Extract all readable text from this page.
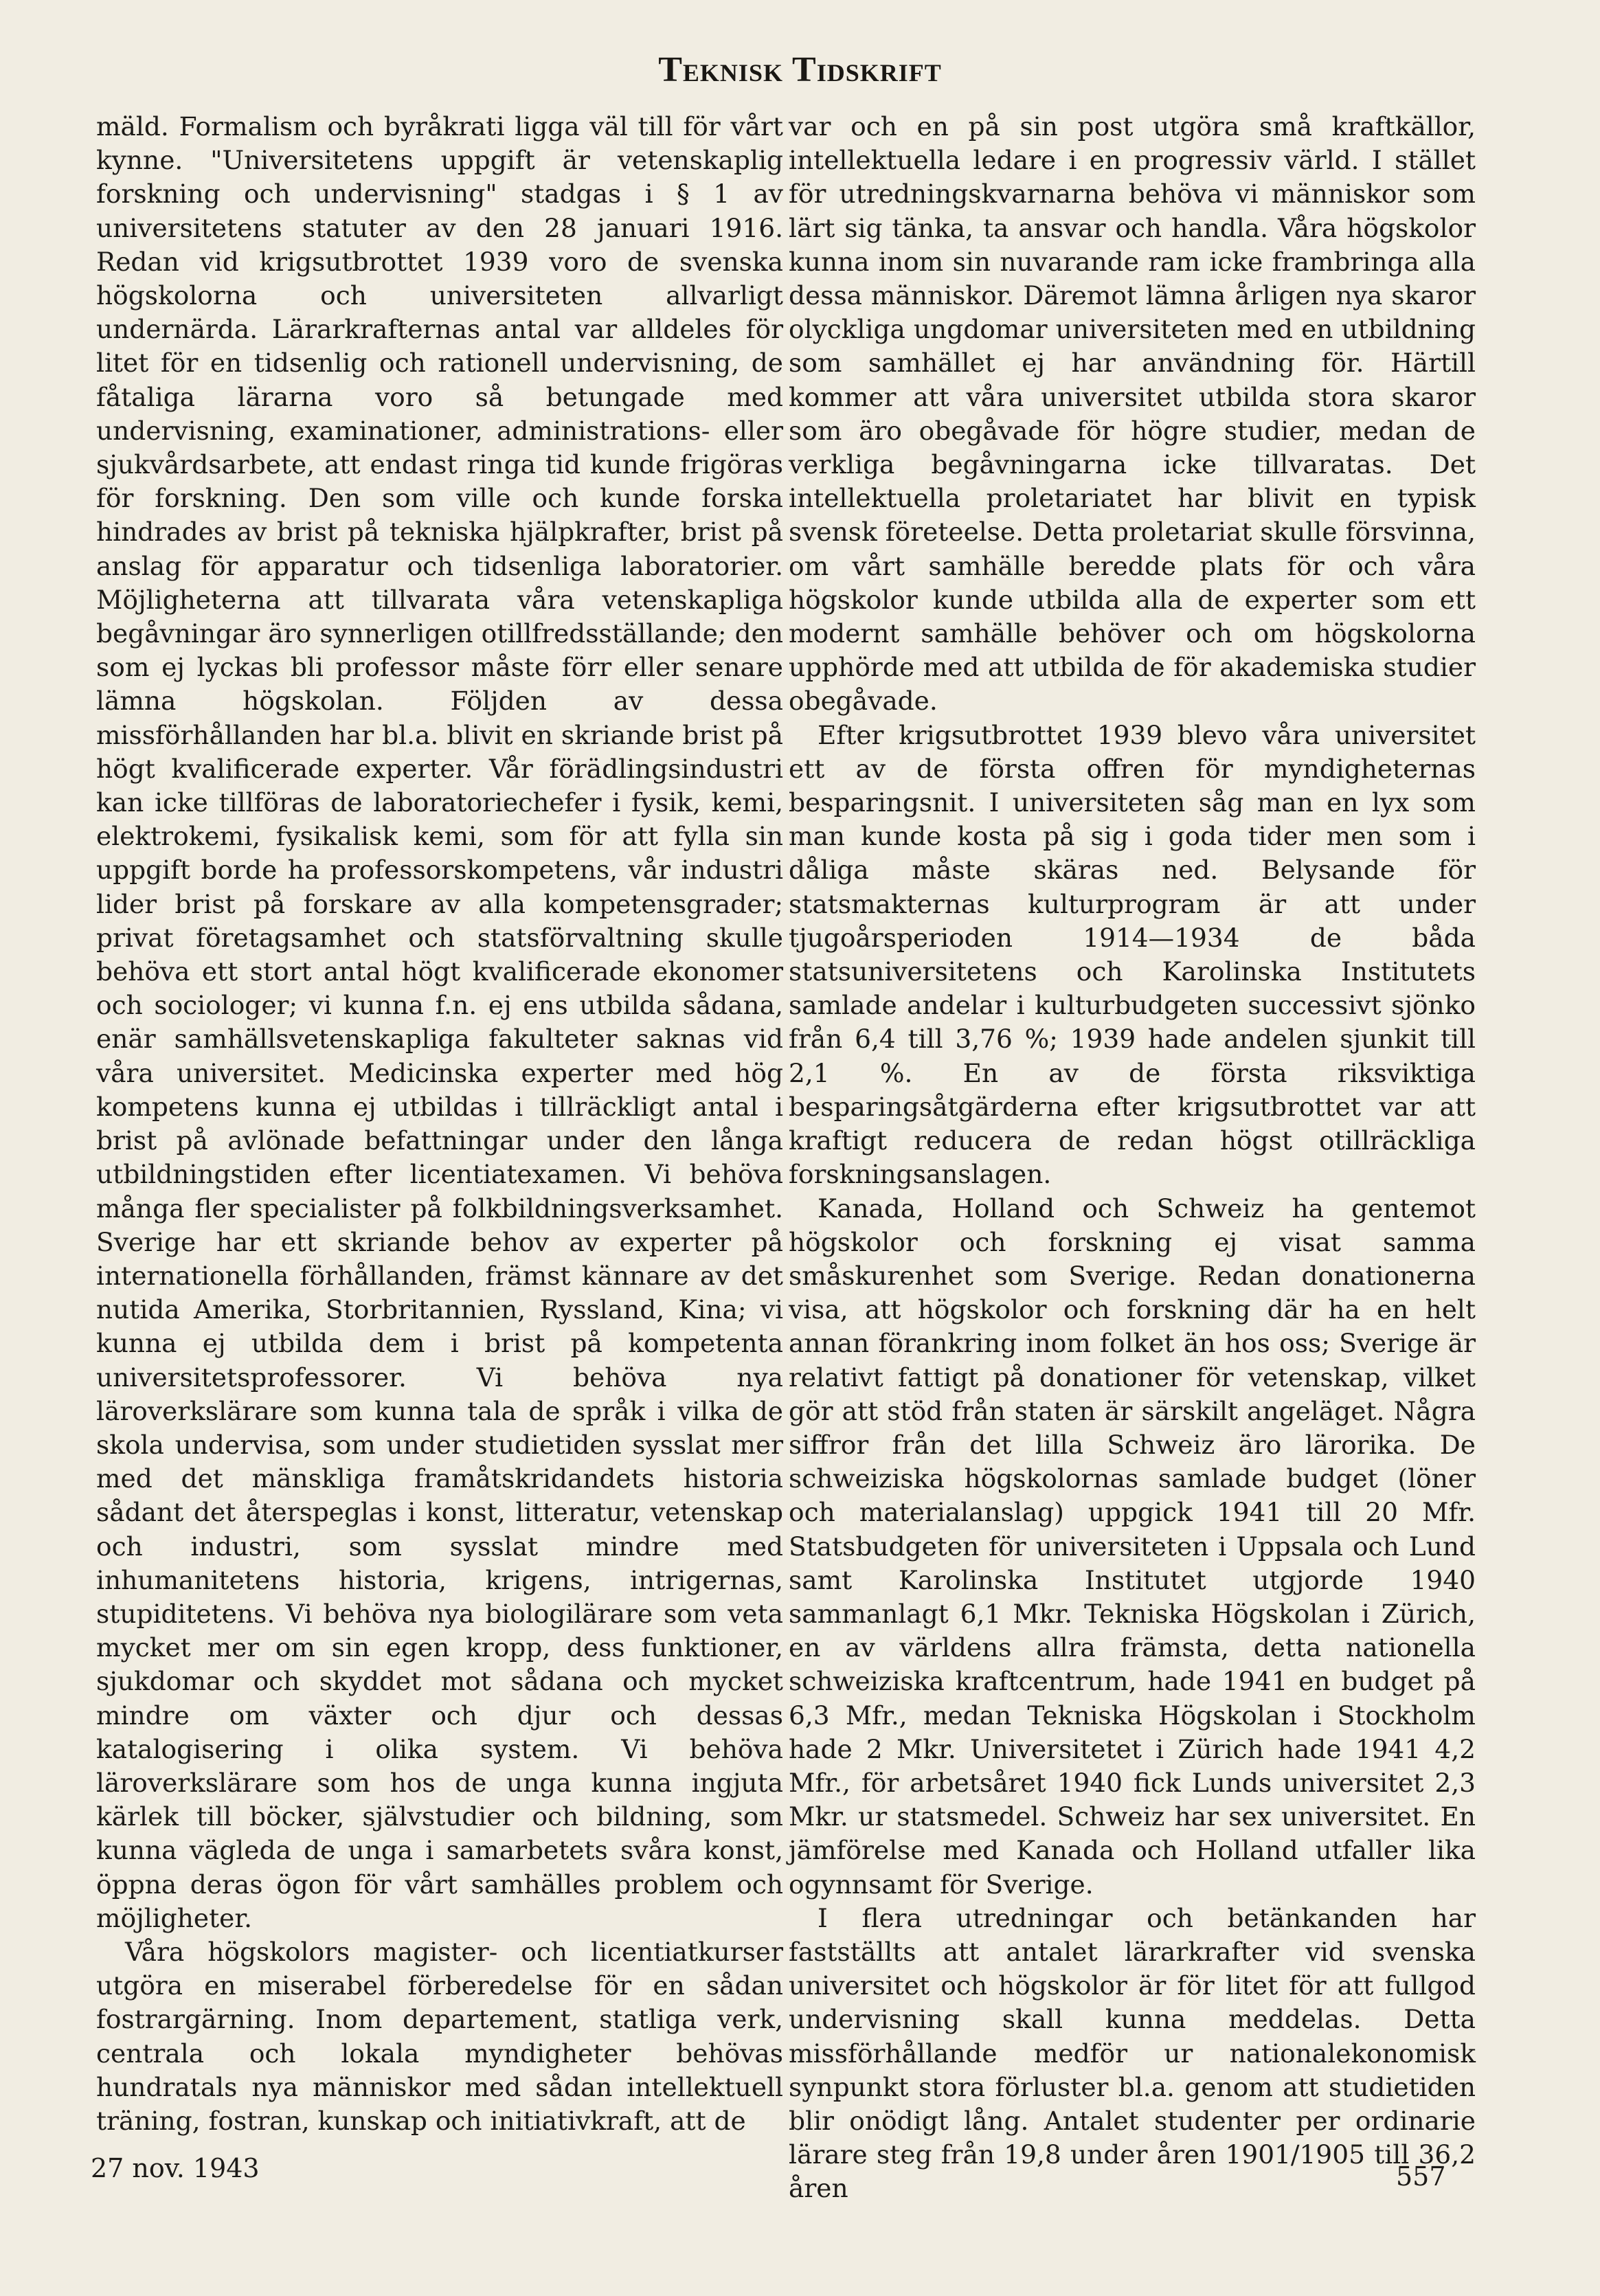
Teknisk Tidskrift

mäld. Formalism och byråkrati ligga väl till för vårt kynne. "Universitetens uppgift är vetenskaplig forskning och undervisning" stadgas i § 1 av universitetens statuter av den 28 januari 1916. Redan vid krigsutbrottet 1939 voro de svenska högskolorna och universiteten allvarligt undernärda. Lärarkrafternas antal var alldeles för litet för en tidsenlig och rationell undervisning, de fåtaliga lärarna voro så betungade med undervisning, examinationer, administrations- eller sjukvårdsarbete, att endast ringa tid kunde frigöras för forskning. Den som ville och kunde forska hindrades av brist på tekniska hjälpkrafter, brist på anslag för apparatur och tidsenliga laboratorier. Möjligheterna att tillvarata våra vetenskapliga begåvningar äro synnerligen otillfredsställande; den som ej lyckas bli professor måste förr eller senare lämna högskolan. Följden av dessa missförhållanden har bl.a. blivit en skriande brist på högt kvalificerade experter. Vår förädlingsindustri kan icke tillföras de laboratoriechefer i fysik, kemi, elektrokemi, fysikalisk kemi, som för att fylla sin uppgift borde ha professorskompetens, vår industri lider brist på forskare av alla kompetensgrader; privat företagsamhet och statsförvaltning skulle behöva ett stort antal högt kvalificerade ekonomer och sociologer; vi kunna f.n. ej ens utbilda sådana, enär samhällsvetenskapliga fakulteter saknas vid våra universitet. Medicinska experter med hög kompetens kunna ej utbildas i tillräckligt antal i brist på avlönade befattningar under den långa utbildningstiden efter licentiatexamen. Vi behöva många fler specialister på folkbildningsverksamhet. Sverige har ett skriande behov av experter på internationella förhållanden, främst kännare av det nutida Amerika, Storbritannien, Ryssland, Kina; vi kunna ej utbilda dem i brist på kompetenta universitetsprofessorer. Vi behöva nya läroverkslärare som kunna tala de språk i vilka de skola undervisa, som under studietiden sysslat mer med det mänskliga framåtskridandets historia sådant det återspeglas i konst, litteratur, vetenskap och industri, som sysslat mindre med inhumanitetens historia, krigens, intrigernas, stupiditetens. Vi behöva nya biologilärare som veta mycket mer om sin egen kropp, dess funktioner, sjukdomar och skyddet mot sådana och mycket mindre om växter och djur och dessas katalogisering i olika system. Vi behöva läroverkslärare som hos de unga kunna ingjuta kärlek till böcker, självstudier och bildning, som kunna vägleda de unga i samarbetets svåra konst, öppna deras ögon för vårt samhälles problem och möjligheter.

Våra högskolors magister- och licentiatkurser utgöra en miserabel förberedelse för en sådan fostrargärning. Inom departement, statliga verk, centrala och lokala myndigheter behövas hundratals nya människor med sådan intellektuell träning, fostran, kunskap och initiativkraft, att de

var och en på sin post utgöra små kraftkällor, intellektuella ledare i en progressiv värld. I stället för utredningskvarnarna behöva vi människor som lärt sig tänka, ta ansvar och handla. Våra högskolor kunna inom sin nuvarande ram icke frambringa alla dessa människor. Däremot lämna årligen nya skaror olyckliga ungdomar universiteten med en utbildning som samhället ej har användning för. Härtill kommer att våra universitet utbilda stora skaror som äro obegåvade för högre studier, medan de verkliga begåvningarna icke tillvaratas. Det intellektuella proletariatet har blivit en typisk svensk företeelse. Detta proletariat skulle försvinna, om vårt samhälle beredde plats för och våra högskolor kunde utbilda alla de experter som ett modernt samhälle behöver och om högskolorna upphörde med att utbilda de för akademiska studier obegåvade.

Efter krigsutbrottet 1939 blevo våra universitet ett av de första offren för myndigheternas besparingsnit. I universiteten såg man en lyx som man kunde kosta på sig i goda tider men som i dåliga måste skäras ned. Belysande för statsmakternas kulturprogram är att under tjugoårsperioden 1914—1934 de båda statsuniversitetens och Karolinska Institutets samlade andelar i kulturbudgeten successivt sjönko från 6,4 till 3,76 %; 1939 hade andelen sjunkit till 2,1 %. En av de första riksviktiga besparingsåtgärderna efter krigsutbrottet var att kraftigt reducera de redan högst otillräckliga forskningsanslagen.

Kanada, Holland och Schweiz ha gentemot högskolor och forskning ej visat samma småskurenhet som Sverige. Redan donationerna visa, att högskolor och forskning där ha en helt annan förankring inom folket än hos oss; Sverige är relativt fattigt på donationer för vetenskap, vilket gör att stöd från staten är särskilt angeläget. Några siffror från det lilla Schweiz äro lärorika. De schweiziska högskolornas samlade budget (löner och materialanslag) uppgick 1941 till 20 Mfr. Statsbudgeten för universiteten i Uppsala och Lund samt Karolinska Institutet utgjorde 1940 sammanlagt 6,1 Mkr. Tekniska Högskolan i Zürich, en av världens allra främsta, detta nationella schweiziska kraftcentrum, hade 1941 en budget på 6,3 Mfr., medan Tekniska Högskolan i Stockholm hade 2 Mkr. Universitetet i Zürich hade 1941 4,2 Mfr., för arbetsåret 1940 fick Lunds universitet 2,3 Mkr. ur statsmedel. Schweiz har sex universitet. En jämförelse med Kanada och Holland utfaller lika ogynnsamt för Sverige.

I flera utredningar och betänkanden har fastställts att antalet lärarkrafter vid svenska universitet och högskolor är för litet för att fullgod undervisning skall kunna meddelas. Detta missförhållande medför ur nationalekonomisk synpunkt stora förluster bl.a. genom att studietiden blir onödigt lång. Antalet studenter per ordinarie lärare steg från 19,8 under åren 1901/1905 till 36,2 åren

27 nov. 1943	557
